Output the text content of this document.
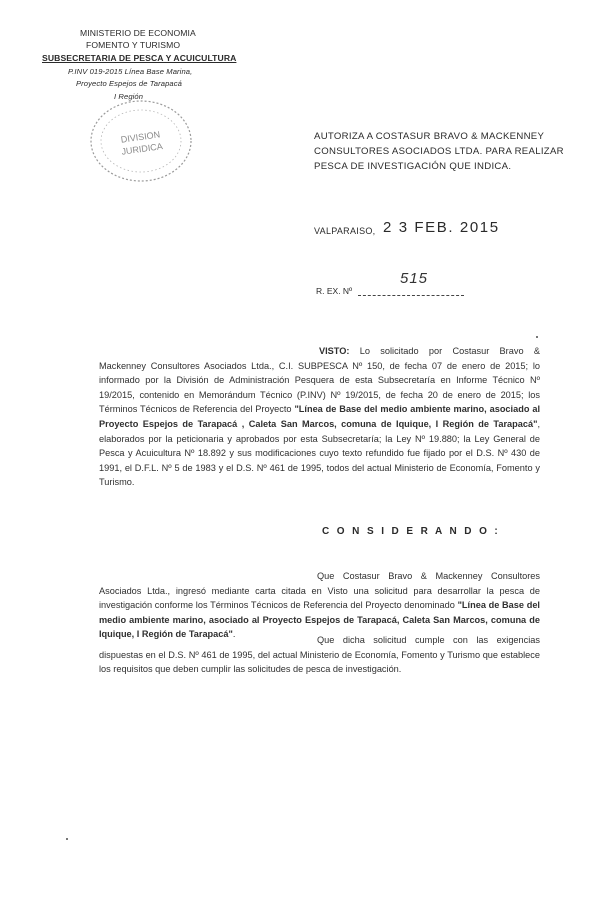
MINISTERIO DE ECONOMIA
FOMENTO Y TURISMO
SUBSECRETARIA DE PESCA Y ACUICULTURA
P.INV 019-2015 Línea Base Marina,
Proyecto Espejos de Tarapacá
I Región
DIVISION
JURIDICA
AUTORIZA A COSTASUR BRAVO & MACKENNEY
CONSULTORES ASOCIADOS LTDA. PARA REALIZAR
PESCA DE INVESTIGACIÓN QUE INDICA.
VALPARAISO, 2 3 FEB. 2015
R. EX. Nº
515
VISTO: Lo solicitado por Costasur Bravo & Mackenney Consultores Asociados Ltda., C.I. SUBPESCA Nº 150, de fecha 07 de enero de 2015; lo informado por la División de Administración Pesquera de esta Subsecretaría en Informe Técnico Nº 19/2015, contenido en Memorándum Técnico (P.INV) Nº 19/2015, de fecha 20 de enero de 2015; los Términos Técnicos de Referencia del Proyecto "Línea de Base del medio ambiente marino, asociado al Proyecto Espejos de Tarapacá , Caleta San Marcos, comuna de Iquique, I Región de Tarapacá", elaborados por la peticionaria y aprobados por esta Subsecretaría; la Ley Nº 19.880; la Ley General de Pesca y Acuicultura Nº 18.892 y sus modificaciones cuyo texto refundido fue fijado por el D.S. Nº 430 de 1991, el D.F.L. Nº 5 de 1983 y el D.S. Nº 461 de 1995, todos del actual Ministerio de Economía, Fomento y Turismo.
C O N S I D E R A N D O :
Que Costasur Bravo & Mackenney Consultores Asociados Ltda., ingresó mediante carta citada en Visto una solicitud para desarrollar la pesca de investigación conforme los Términos Técnicos de Referencia del Proyecto denominado "Línea de Base del medio ambiente marino, asociado al Proyecto Espejos de Tarapacá, Caleta San Marcos, comuna de Iquique, I Región de Tarapacá".
Que dicha solicitud cumple con las exigencias dispuestas en el D.S. Nº 461 de 1995, del actual Ministerio de Economía, Fomento y Turismo que establece los requisitos que deben cumplir las solicitudes de pesca de investigación.
